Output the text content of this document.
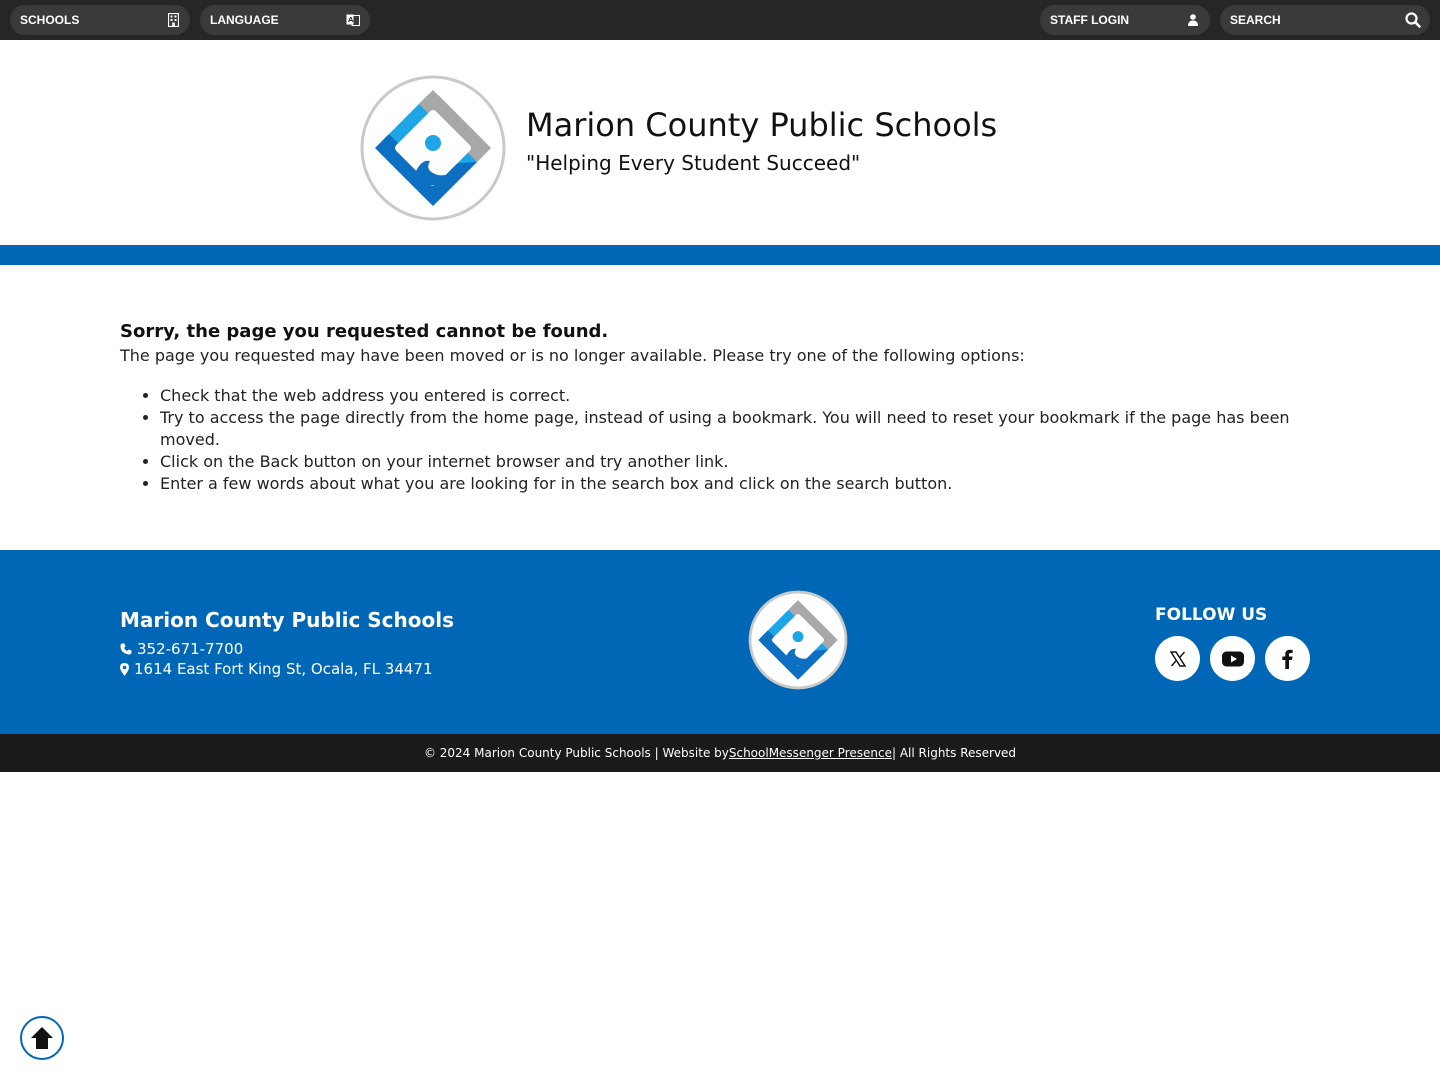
SCHOOLS	LANGUAGE	A	STAFF LOGIN
SEARCH
Marion County Public Schools
"Helping Every Student Succeed"
Sorry, the page you requested cannot be found.
The page you requested may have been moved or is no longer available. Please try one of the following options:
• Check that the web address you entered is correct.
• Try to access the page directly from the home page, instead of using a bookmark. You will need to reset your bookmark if the page has been moved.
• Click on the Back button on your internet browser and try another link.
• Enter a few words about what you are looking for in the search box and click on the search button.
Marion County Public Schools
352-671-7700
1614 East Fort King St, Ocala, FL 34471
FOLLOW US
© 2024 Marion County Public Schools | Website by SchoolMessenger Presence | All Rights Reserved
